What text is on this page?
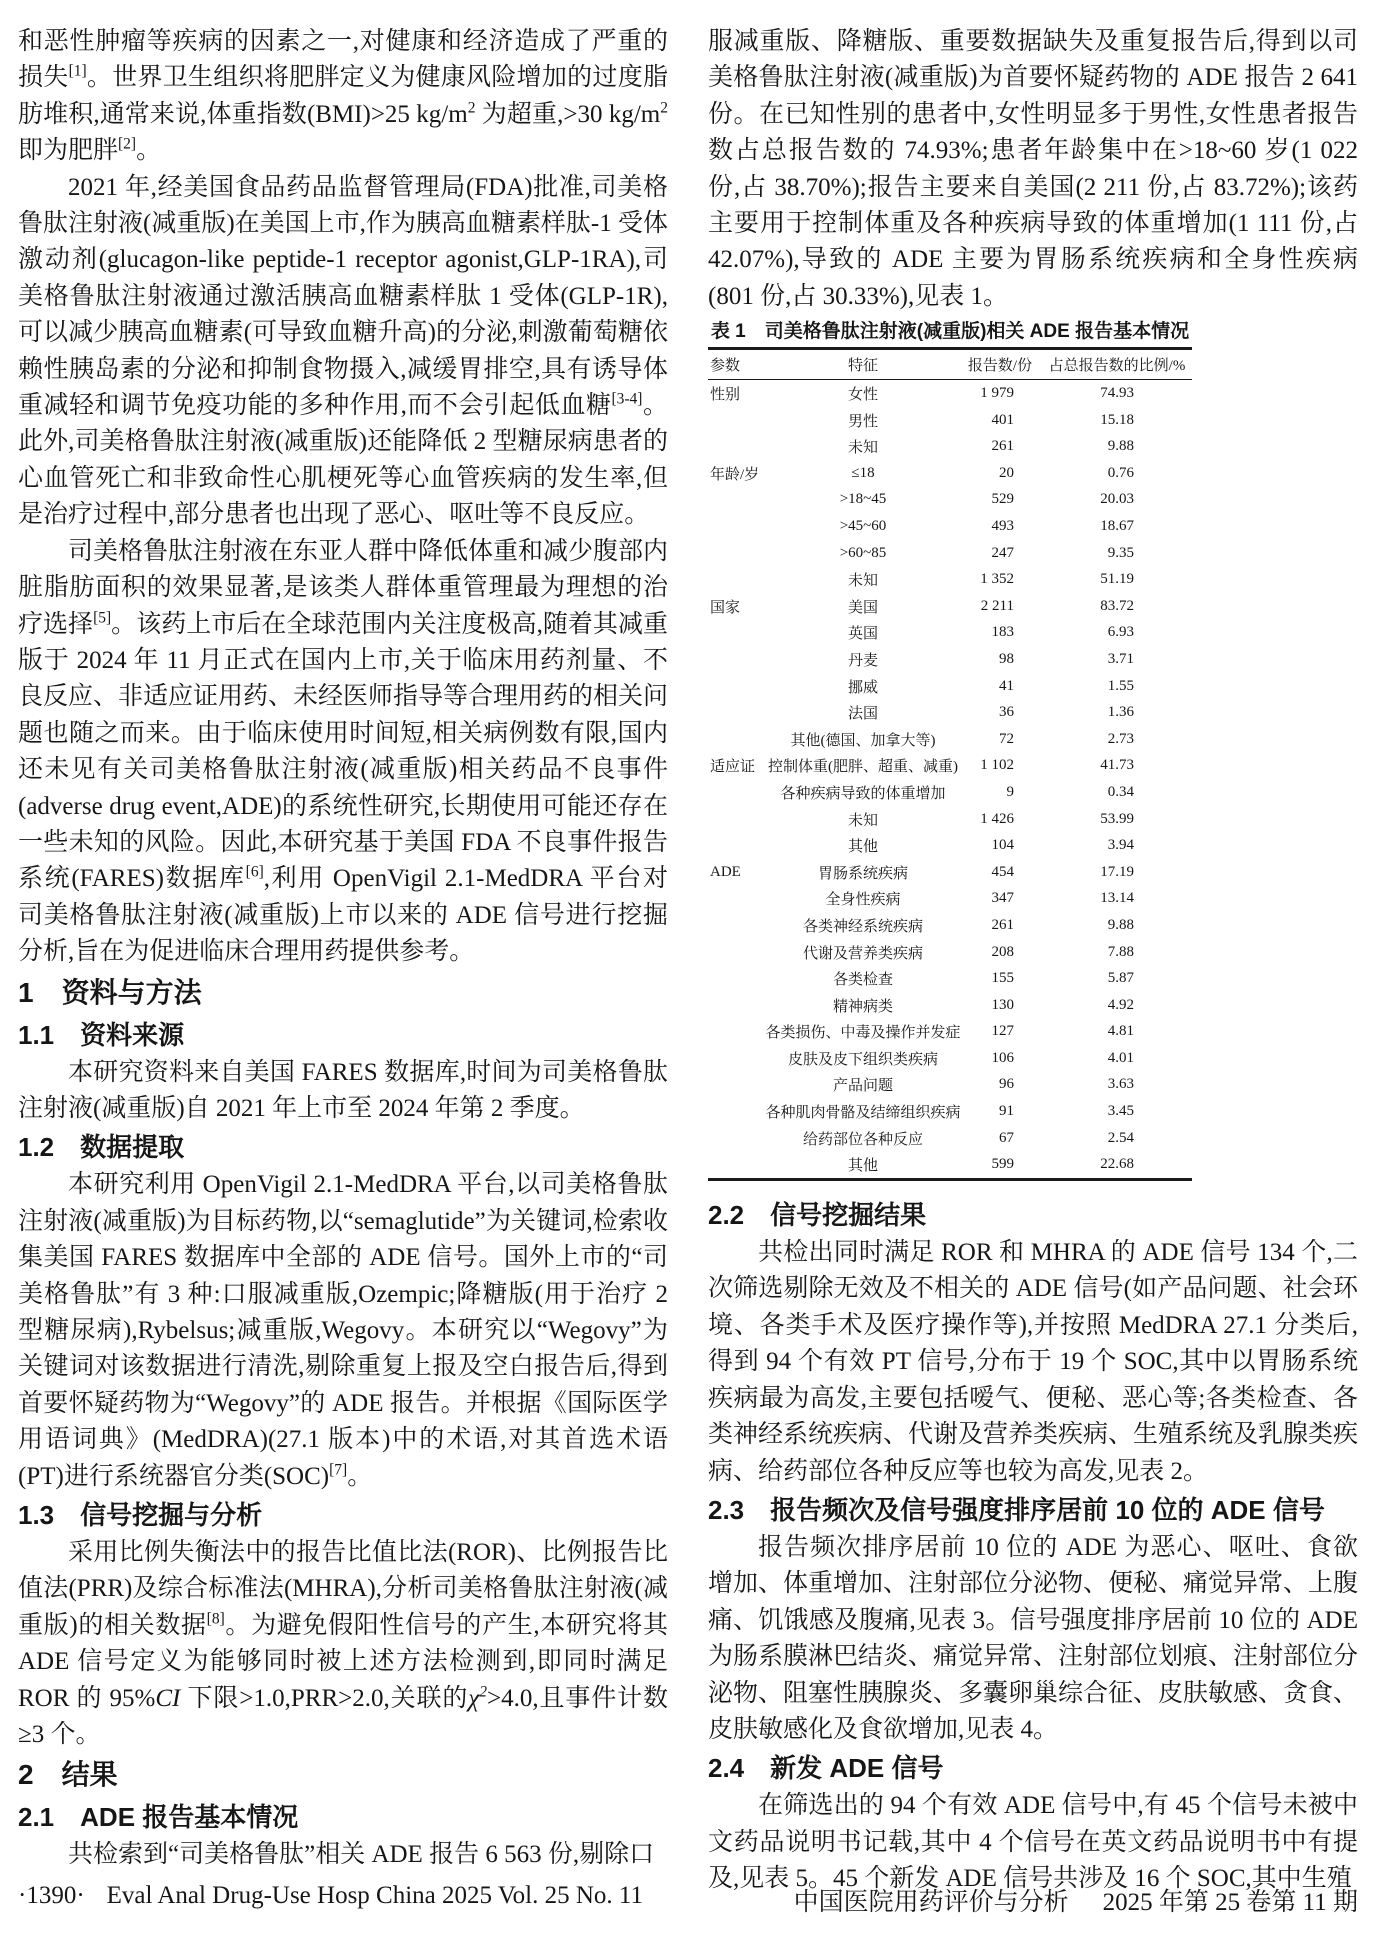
和恶性肿瘤等疾病的因素之一,对健康和经济造成了严重的损失[1]。世界卫生组织将肥胖定义为健康风险增加的过度脂肪堆积,通常来说,体重指数(BMI)>25 $kg/m^2$ 为超重,>30 $kg/m^2$ 即为肥胖[2]。
2021 年,经美国食品药品监督管理局(FDA)批准,司美格鲁肽注射液(减重版)在美国上市,作为胰高血糖素样肽-1 受体激动剂(glucagon-like peptide-1 receptor agonist,GLP-1RA),司美格鲁肽注射液通过激活胰高血糖素样肽 1 受体(GLP-1R),可以减少胰高血糖素(可导致血糖升高)的分泌,刺激葡萄糖依赖性胰岛素的分泌和抑制食物摄入,减缓胃排空,具有诱导体重减轻和调节免疫功能的多种作用,而不会引起低血糖[3-4]。此外,司美格鲁肽注射液(减重版)还能降低 2 型糖尿病患者的心血管死亡和非致命性心肌梗死等心血管疾病的发生率,但是治疗过程中,部分患者也出现了恶心、呕吐等不良反应。
司美格鲁肽注射液在东亚人群中降低体重和减少腹部内脏脂肪面积的效果显著,是该类人群体重管理最为理想的治疗选择[5]。该药上市后在全球范围内关注度极高,随着其减重版于 2024 年 11 月正式在国内上市,关于临床用药剂量、不良反应、非适应证用药、未经医师指导等合理用药的相关问题也随之而来。由于临床使用时间短,相关病例数有限,国内还未见有关司美格鲁肽注射液(减重版)相关药品不良事件(adverse drug event,ADE)的系统性研究,长期使用可能还存在一些未知的风险。因此,本研究基于美国 FDA 不良事件报告系统(FARES)数据库[6],利用 OpenVigil 2.1-MedDRA 平台对司美格鲁肽注射液(减重版)上市以来的 ADE 信号进行挖掘分析,旨在为促进临床合理用药提供参考。
1　资料与方法
1.1　资料来源
本研究资料来自美国 FARES 数据库,时间为司美格鲁肽注射液(减重版)自 2021 年上市至 2024 年第 2 季度。
1.2　数据提取
本研究利用 OpenVigil 2.1-MedDRA 平台,以司美格鲁肽注射液(减重版)为目标药物,以“semaglutide”为关键词,检索收集美国 FARES 数据库中全部的 ADE 信号。国外上市的“司美格鲁肽”有 3 种:口服减重版,Ozempic;降糖版(用于治疗 2 型糖尿病),Rybelsus;减重版,Wegovy。本研究以“Wegovy”为关键词对该数据进行清洗,剔除重复上报及空白报告后,得到首要怀疑药物为“Wegovy”的 ADE 报告。并根据《国际医学用语词典》(MedDRA)(27.1 版本)中的术语,对其首选术语(PT)进行系统器官分类(SOC)[7]。
1.3　信号挖掘与分析
采用比例失衡法中的报告比值比法(ROR)、比例报告比值法(PRR)及综合标准法(MHRA),分析司美格鲁肽注射液(减重版)的相关数据[8]。为避免假阳性信号的产生,本研究将其 ADE 信号定义为能够同时被上述方法检测到,即同时满足 ROR 的 95%CI 下限>1.0,PRR>2.0,关联的$\chi^2>4.0$,且事件计数≥3 个。
2　结果
2.1　ADE 报告基本情况
共检索到“司美格鲁肽”相关 ADE 报告 6 563 份,剔除口
服减重版、降糖版、重要数据缺失及重复报告后,得到以司美格鲁肽注射液(减重版)为首要怀疑药物的 ADE 报告 2 641 份。在已知性别的患者中,女性明显多于男性,女性患者报告数占总报告数的 74.93%;患者年龄集中在>18~60 岁(1 022 份,占 38.70%);报告主要来自美国(2 211 份,占 83.72%);该药主要用于控制体重及各种疾病导致的体重增加(1 111 份,占 42.07%),导致的 ADE 主要为胃肠系统疾病和全身性疾病(801 份,占 30.33%),见表 1。
表 1　司美格鲁肽注射液(减重版)相关 ADE 报告基本情况
参数	特征	报告数/份	占总报告数的比例/%
性别	女性	1 979	74.93
男性	401	15.18
未知	261	9.88
年龄/岁	≤18	20	0.76
>18~45	529	20.03
>45~60	493	18.67
>60~85	247	9.35
未知	1 352	51.19
国家	美国	2 211	83.72
英国	183	6.93
丹麦	98	3.71
挪威	41	1.55
法国	36	1.36
其他(德国、加拿大等)	72	2.73
适应证 控制体重(肥胖、超重、减重)	1 102	41.73
各种疾病导致的体重增加	9	0.34
未知	1 426	53.99
其他	104	3.94
ADE	胃肠系统疾病	454	17.19
全身性疾病	347	13.14
各类神经系统疾病	261	9.88
代谢及营养类疾病	208	7.88
各类检查	155	5.87
精神病类	130	4.92
各类损伤、中毒及操作并发症	127	4.81
皮肤及皮下组织类疾病	106	4.01
产品问题	96	3.63
各种肌肉骨骼及结缔组织疾病	91	3.45
给药部位各种反应	67	2.54
其他	599	22.68
2.2　信号挖掘结果
共检出同时满足 ROR 和 MHRA 的 ADE 信号 134 个,二次筛选剔除无效及不相关的 ADE 信号(如产品问题、社会环境、各类手术及医疗操作等),并按照 MedDRA 27.1 分类后,得到 94 个有效 PT 信号,分布于 19 个 SOC,其中以胃肠系统疾病最为高发,主要包括嗳气、便秘、恶心等;各类检查、各类神经系统疾病、代谢及营养类疾病、生殖系统及乳腺类疾病、给药部位各种反应等也较为高发,见表 2。
2.3　报告频次及信号强度排序居前 10 位的 ADE 信号
报告频次排序居前 10 位的 ADE 为恶心、呕吐、食欲增加、体重增加、注射部位分泌物、便秘、痛觉异常、上腹痛、饥饿感及腹痛,见表 3。信号强度排序居前 10 位的 ADE 为肠系膜淋巴结炎、痛觉异常、注射部位划痕、注射部位分泌物、阻塞性胰腺炎、多囊卵巢综合征、皮肤敏感、贪食、皮肤敏感化及食欲增加,见表 4。
2.4　新发 ADE 信号
在筛选出的 94 个有效 ADE 信号中,有 45 个信号未被中文药品说明书记载,其中 4 个信号在英文药品说明书中有提及,见表 5。45 个新发 ADE 信号共涉及 16 个 SOC,其中生殖
·1390· Eval Anal Drug-Use Hosp China 2025 Vol. 25 No. 11	中国医院用药评价与分析 2025 年第 25 卷第 11 期
